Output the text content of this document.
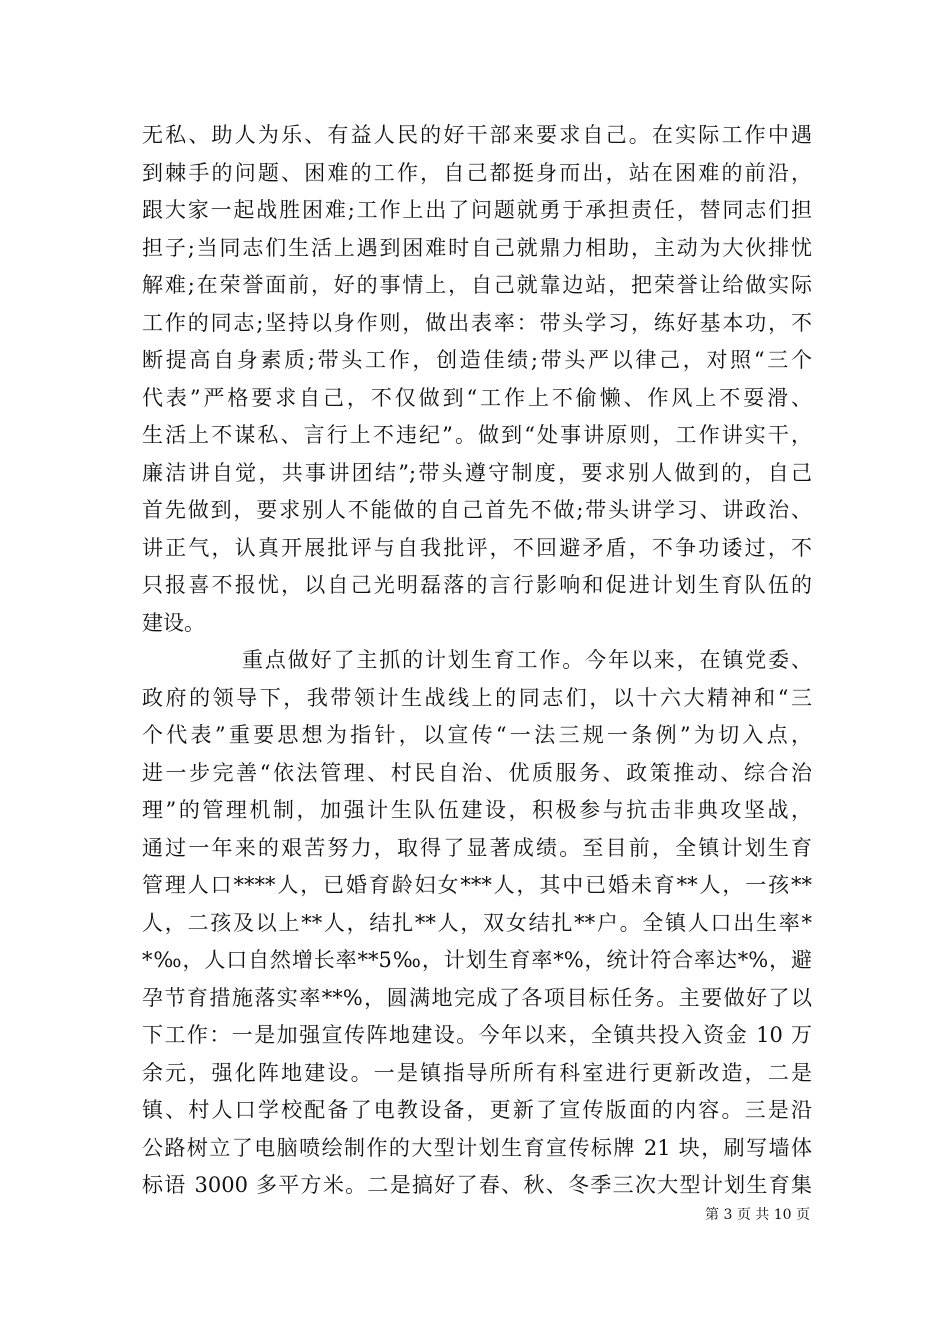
无私、助人为乐、有益人民的好干部来要求自己。在实际工作中遇
到棘手的问题、困难的工作，自己都挺身而出，站在困难的前沿，
跟大家一起战胜困难;工作上出了问题就勇于承担责任，替同志们担
担子;当同志们生活上遇到困难时自己就鼎力相助，主动为大伙排忧
解难;在荣誉面前，好的事情上，自己就靠边站，把荣誉让给做实际
工作的同志;坚持以身作则，做出表率：带头学习，练好基本功，不
断提高自身素质;带头工作，创造佳绩;带头严以律己，对照“三个
代表”严格要求自己，不仅做到“工作上不偷懒、作风上不耍滑、
生活上不谋私、言行上不违纪”。做到“处事讲原则，工作讲实干，
廉洁讲自觉，共事讲团结”;带头遵守制度，要求别人做到的，自己
首先做到，要求别人不能做的自己首先不做;带头讲学习、讲政治、
讲正气，认真开展批评与自我批评，不回避矛盾，不争功诿过，不
只报喜不报忧，以自己光明磊落的言行影响和促进计划生育队伍的
建设。
重点做好了主抓的计划生育工作。今年以来，在镇党委、
政府的领导下，我带领计生战线上的同志们，以十六大精神和“三
个代表”重要思想为指针，以宣传“一法三规一条例”为切入点，
进一步完善“依法管理、村民自治、优质服务、政策推动、综合治
理”的管理机制，加强计生队伍建设，积极参与抗击非典攻坚战，
通过一年来的艰苦努力，取得了显著成绩。至目前，全镇计划生育
管理人口****人，已婚育龄妇女***人，其中已婚未育**人，一孩**
人，二孩及以上**人，结扎**人，双女结扎**户。全镇人口出生率*
*‰，人口自然增长率**5‰，计划生育率*%，统计符合率达*%，避
孕节育措施落实率**%，圆满地完成了各项目标任务。主要做好了以
下工作：一是加强宣传阵地建设。今年以来，全镇共投入资金 10 万
余元，强化阵地建设。一是镇指导所所有科室进行更新改造，二是
镇、村人口学校配备了电教设备，更新了宣传版面的内容。三是沿
公路树立了电脑喷绘制作的大型计划生育宣传标牌 21 块，刷写墙体
标语 3000 多平方米。二是搞好了春、秋、冬季三次大型计划生育集
第 3 页 共 10 页
